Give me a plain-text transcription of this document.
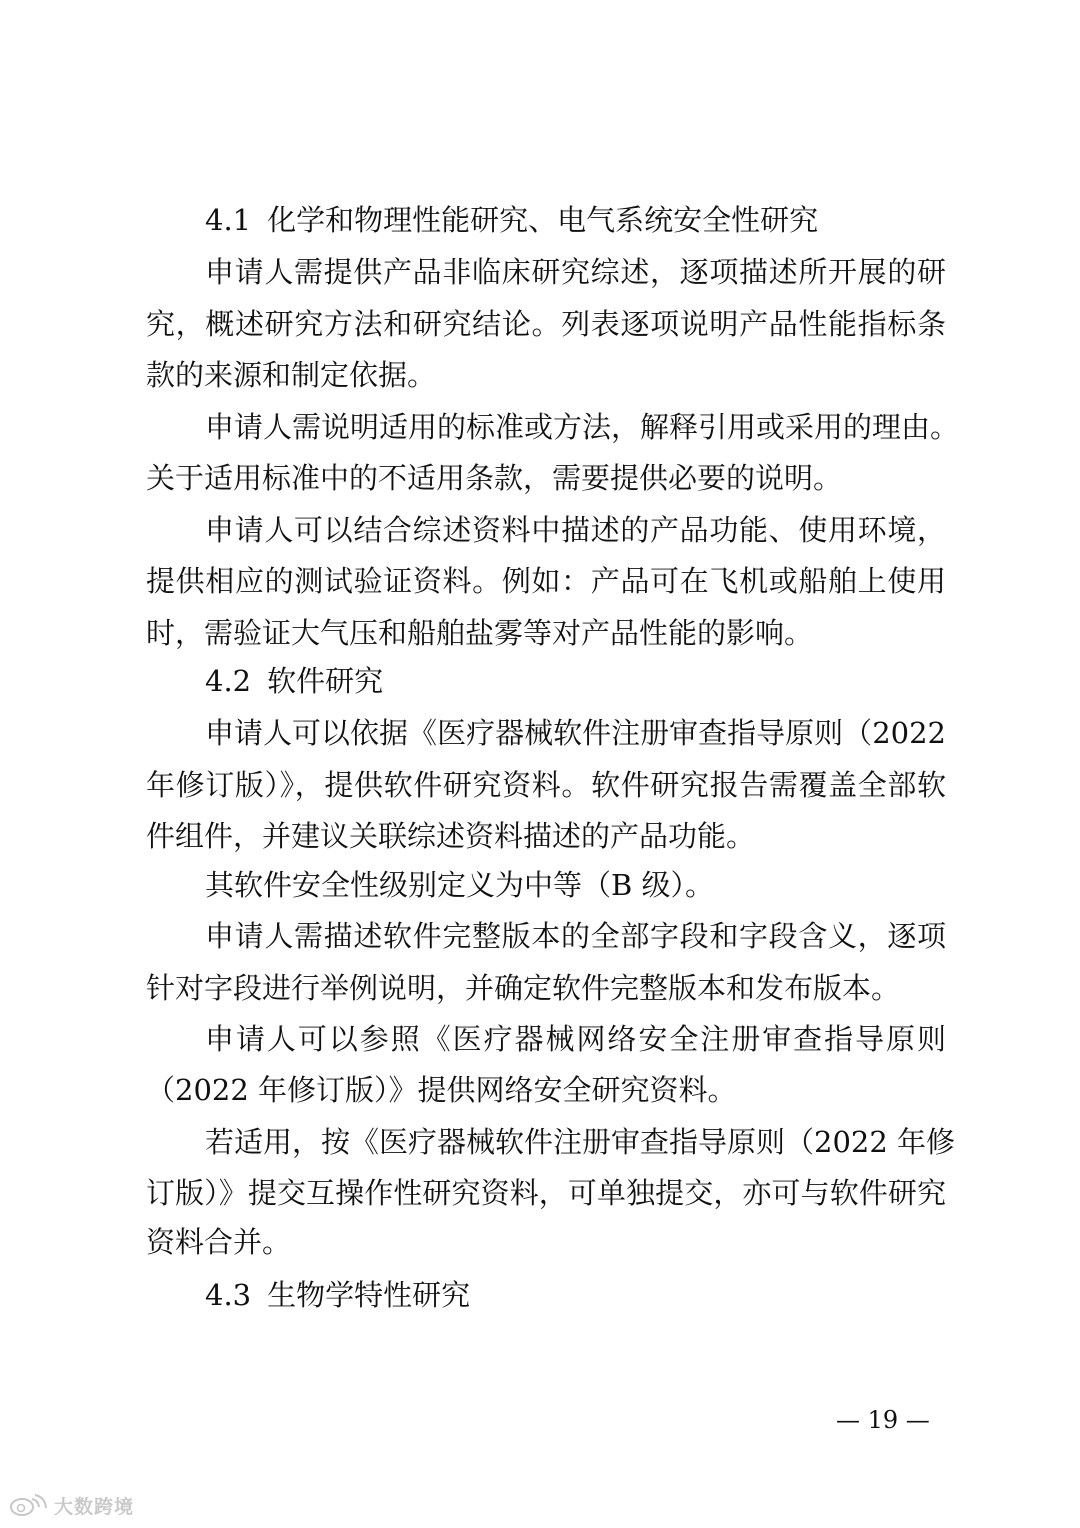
4.1 化学和物理性能研究、电气系统安全性研究
申请人需提供产品非临床研究综述，逐项描述所开展的研
究，概述研究方法和研究结论。列表逐项说明产品性能指标条
款的来源和制定依据。
申请人需说明适用的标准或方法，解释引用或采用的理由。
关于适用标准中的不适用条款，需要提供必要的说明。
申请人可以结合综述资料中描述的产品功能、使用环境，
提供相应的测试验证资料。例如：产品可在飞机或船舶上使用
时，需验证大气压和船舶盐雾等对产品性能的影响。
4.2 软件研究
申请人可以依据《医疗器械软件注册审查指导原则（2022
年修订版）》，提供软件研究资料。软件研究报告需覆盖全部软
件组件，并建议关联综述资料描述的产品功能。
其软件安全性级别定义为中等（B 级）。
申请人需描述软件完整版本的全部字段和字段含义，逐项
针对字段进行举例说明，并确定软件完整版本和发布版本。
申请人可以参照《医疗器械网络安全注册审查指导原则
（2022 年修订版）》提供网络安全研究资料。
若适用，按《医疗器械软件注册审查指导原则（2022 年修
订版）》提交互操作性研究资料，可单独提交，亦可与软件研究
资料合并。
4.3 生物学特性研究
— 19 —
大数跨境
